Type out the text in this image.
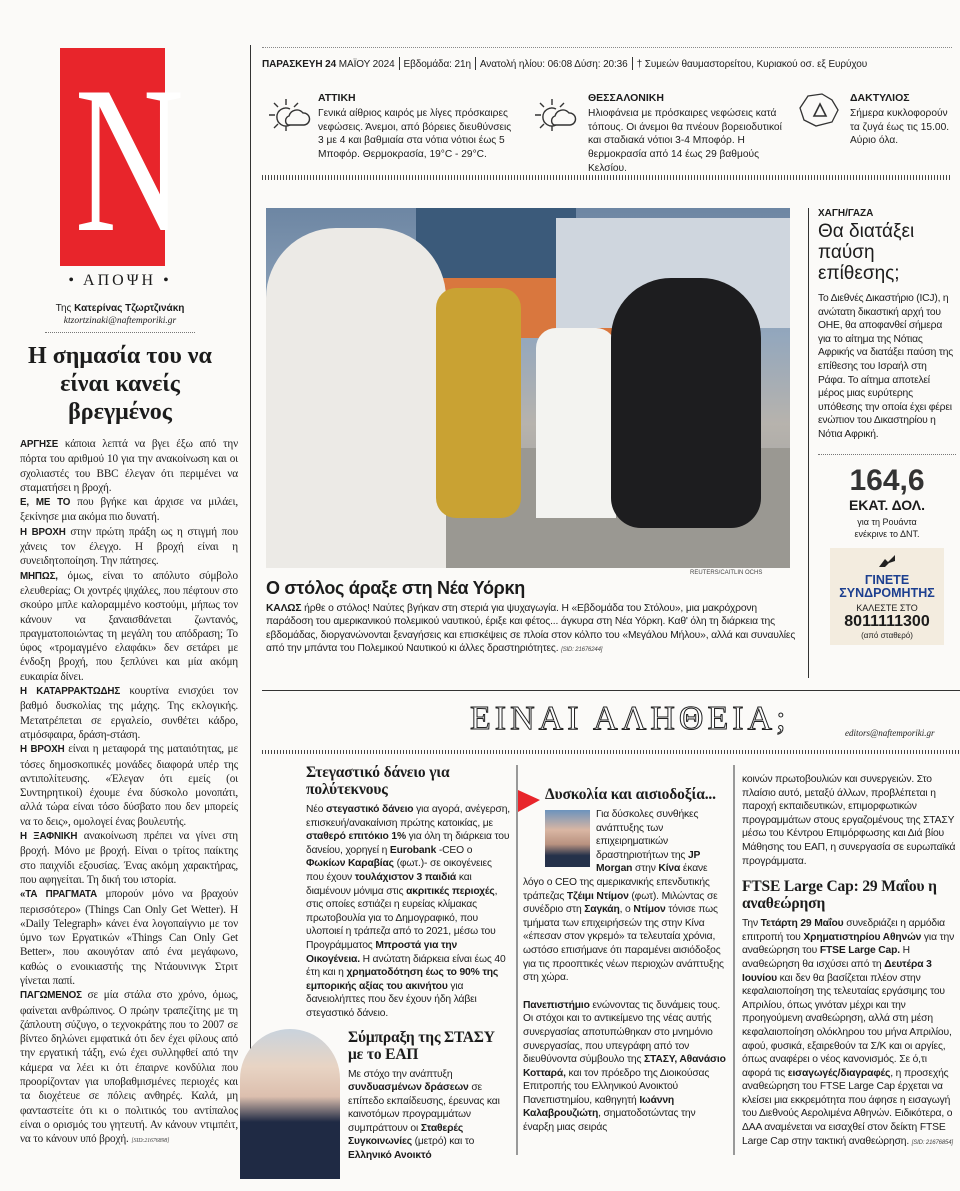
N
• ΑΠΟΨΗ •
Της Κατερίνας Τζωρτζινάκη
ktzortzinaki@naftemporiki.gr
Η σημασία του να είναι κανείς βρεγμένος

ΑΡΓΗΣΕ κάποια λεπτά να βγει έξω από την πόρτα του αριθμού 10 για την ανακοίνωση και οι σχολιαστές του BBC έλεγαν ότι περιμένει να σταματήσει η βροχή.

Ε, ΜΕ ΤΟ που βγήκε και άρχισε να μιλάει, ξεκίνησε μια ακόμα πιο δυνατή.

Η ΒΡΟΧΗ στην πρώτη πράξη ως η στιγμή που χάνεις τον έλεγχο. Η βροχή είναι η συνειδητοποίηση. Την πάτησες.

ΜΗΠΩΣ, όμως, είναι το απόλυτο σύμβολο ελευθερίας; Οι χοντρές ψιχάλες, που πέφτουν στο σκούρο μπλε καλοραμμένο κοστούμι, μήπως τον κάνουν να ξαναισθάνεται ζωντανός, πραγματοποιώντας τη μεγάλη του απόδραση; Το ύφος «τρομαγμένο ελαφάκι» δεν σετάρει με ένδοξη βροχή, που ξεπλύνει και μία ακόμη ευκαιρία δίνει.

Η ΚΑΤΑΡΡΑΚΤΩΔΗΣ κουρτίνα ενισχύει τον βαθμό δυσκολίας της μάχης. Της εκλογικής. Μετατρέπεται σε εργαλείο, συνθέτει κάδρο, ατμόσφαιρα, δράση-στάση.

Η ΒΡΟΧΗ είναι η μεταφορά της ματαιότητας, με τόσες δημοσκοπικές μονάδες διαφορά υπέρ της αντιπολίτευσης. «Έλεγαν ότι εμείς (οι Συντηρητικοί) έχουμε ένα δύσκολο μονοπάτι, αλλά τώρα είναι τόσο δύσβατο που δεν μπορείς να το δεις», ομολογεί ένας βουλευτής.

Η ΞΑΦΝΙΚΗ ανακοίνωση πρέπει να γίνει στη βροχή. Μόνο με βροχή. Είναι ο τρίτος παίκτης στο παιχνίδι εξουσίας. Ένας ακόμη χαρακτήρας, που αφηγείται. Τη δική του ιστορία.

«ΤΑ ΠΡΑΓΜΑΤΑ μπορούν μόνο να βραχούν περισσότερο» (Things Can Only Get Wetter). Η «Daily Telegraph» κάνει ένα λογοπαίγνιο με τον ύμνο των Εργατικών «Things Can Only Get Better», που ακουγόταν από ένα μεγάφωνο, καθώς ο ενοικιαστής της Ντάουνινγκ Στριτ γίνεται παπί.

ΠΑΓΩΜΕΝΟΣ σε μία στάλα στο χρόνο, όμως, φαίνεται ανθρώπινος. Ο πρώην τραπεζίτης με τη ζάπλουτη σύζυγο, ο τεχνοκράτης που το 2007 σε βίντεο δηλώνει εμφατικά ότι δεν έχει φίλους από την εργατική τάξη, ενώ έχει συλληφθεί από την κάμερα να λέει κι ότι έπαιρνε κονδύλια που προορίζονταν για υποβαθμισμένες περιοχές και τα διοχέτευε σε πόλεις ανθηρές. Καλά, μη φανταστείτε ότι κι ο πολιτικός του αντίπαλος είναι ο ορισμός του γητευτή. Αν κάνουν ντιμπέιτ, να το κάνουν υπό βροχή. [SID:21676898]

ΠΑΡΑΣΚΕΥΗ 24 ΜΑΪΟΥ 2024 Εβδομάδα: 21η Ανατολή ηλίου: 06:08 Δύση: 20:36 † Συμεών θαυμαστορείτου, Κυριακού οσ. εξ Ευρύχου
ΑΤΤΙΚΗ
Γενικά αίθριος καιρός με λίγες πρόσκαιρες νεφώσεις. Άνεμοι, από βόρειες διευθύνσεις 3 με 4 και βαθμιαία στα νότια νότιοι έως 5 Μποφόρ. Θερμοκρασία, 19°C - 29°C.
ΘΕΣΣΑΛΟΝΙΚΗ
Ηλιοφάνεια με πρόσκαιρες νεφώσεις κατά τόπους. Οι άνεμοι θα πνέουν βορειοδυτικοί και σταδιακά νότιοι 3-4 Μποφόρ. Η θερμοκρασία από 14 έως 29 βαθμούς Κελσίου.
ΔΑΚΤΥΛΙΟΣ
Σήμερα κυκλοφορούν τα ζυγά έως τις 15.00. Αύριο όλα.
REUTERS/CAITLIN OCHS
Ο στόλος άραξε στη Νέα Υόρκη
ΚΑΛΩΣ ήρθε ο στόλος! Ναύτες βγήκαν στη στεριά για ψυχαγωγία. Η «Εβδομάδα του Στόλου», μια μακρόχρονη παράδοση του αμερικανικού πολεμικού ναυτικού, έριξε και φέτος... άγκυρα στη Νέα Υόρκη. Καθ' όλη τη διάρκεια της εβδομάδας, διοργανώνονται ξεναγήσεις και επισκέψεις σε πλοία στον κόλπο του «Μεγάλου Μήλου», αλλά και συναυλίες από την μπάντα του Πολεμικού Ναυτικού κι άλλες δραστηριότητες. [SID: 21676244]
ΧΑΓΗ/ΓΑΖΑ
Θα διατάξει παύση επίθεσης;
Το Διεθνές Δικαστήριο (ICJ), η ανώτατη δικαστική αρχή του ΟΗΕ, θα αποφανθεί σήμερα για το αίτημα της Νότιας Αφρικής να διατάξει παύση της επίθεσης του Ισραήλ στη Ράφα. Το αίτημα αποτελεί μέρος μιας ευρύτερης υπόθεσης την οποία έχει φέρει ενώπιον του Δικαστηρίου η Νότια Αφρική.
164,6
ΕΚΑΤ. ΔΟΛ.
για τη Ρουάντα ενέκρινε το ΔΝΤ.
ΓΙΝΕΤΕ ΣΥΝΔΡΟΜΗΤΗΣ
ΚΑΛΕΣΤΕ ΣΤΟ
8011111300
(από σταθερό)
ΕΙΝΑΙ ΑΛΗΘΕΙΑ;	editors@naftemporiki.gr
Στεγαστικό δάνειο για πολύτεκνους
Νέο στεγαστικό δάνειο για αγορά, ανέγερση, επισκευή/ανακαίνιση πρώτης κατοικίας, με σταθερό επιτόκιο 1% για όλη τη διάρκεια του δανείου, χορηγεί η Eurobank -CEO ο Φωκίων Καραβίας (φωτ.)- σε οικογένειες που έχουν τουλάχιστον 3 παιδιά και διαμένουν μόνιμα στις ακριτικές περιοχές, στις οποίες εστιάζει η ευρείας κλίμακας πρωτοβουλία για το Δημογραφικό, που υλοποιεί η τράπεζα από το 2021, μέσω του Προγράμματος Μπροστά για την Οικογένεια. Η ανώτατη διάρκεια είναι έως 40 έτη και η χρηματοδότηση έως το 90% της εμπορικής αξίας του ακινήτου για δανειολήπτες που δεν έχουν ήδη λάβει στεγαστικό δάνειο.
Σύμπραξη της ΣΤΑΣΥ με το ΕΑΠ
Με στόχο την ανάπτυξη συνδυασμένων δράσεων σε επίπεδο εκπαίδευσης, έρευνας και καινοτόμων προγραμμάτων συμπράττουν οι Σταθερές Συγκοινωνίες (μετρό) και το Ελληνικό Ανοικτό
Δυσκολία και αισιοδοξία...
Για δύσκολες συνθήκες ανάπτυξης των επιχειρηματικών δραστηριοτήτων της JP Morgan στην Κίνα έκανε λόγο ο CEO της αμερικανικής επενδυτικής τράπεζας Τζέιμι Ντίμον (φωτ). Μιλώντας σε συνέδριο στη Σαγκάη, ο Ντίμον τόνισε πως τμήματα των επιχειρήσεών της στην Κίνα «έπεσαν στον γκρεμό» τα τελευταία χρόνια, ωστόσο επισήμανε ότι παραμένει αισιόδοξος για τις προοπτικές νέων περιοχών ανάπτυξης στη χώρα.
Πανεπιστήμιο ενώνοντας τις δυνάμεις τους. Οι στόχοι και το αντικείμενο της νέας αυτής συνεργασίας αποτυπώθηκαν στο μνημόνιο συνεργασίας, που υπεγράφη από τον διευθύνοντα σύμβουλο της ΣΤΑΣΥ, Αθανάσιο Κοτταρά, και τον πρόεδρο της Διοικούσας Επιτροπής του Ελληνικού Ανοικτού Πανεπιστημίου, καθηγητή Ιωάννη Καλαβρουζιώτη, σηματοδοτώντας την έναρξη μιας σειράς
κοινών πρωτοβουλιών και συνεργειών. Στο πλαίσιο αυτό, μεταξύ άλλων, προβλέπεται η παροχή εκπαιδευτικών, επιμορφωτικών προγραμμάτων στους εργαζομένους της ΣΤΑΣΥ μέσω του Κέντρου Επιμόρφωσης και Διά βίου Μάθησης του ΕΑΠ, η συνεργασία σε ευρωπαϊκά προγράμματα.
FTSE Large Cap: 29 Μαΐου η αναθεώρηση
Την Τετάρτη 29 Μαΐου συνεδριάζει η αρμόδια επιτροπή του Χρηματιστηρίου Αθηνών για την αναθεώρηση του FTSE Large Cap. Η αναθεώρηση θα ισχύσει από τη Δευτέρα 3 Ιουνίου και δεν θα βασίζεται πλέον στην κεφαλαιοποίηση της τελευταίας εργάσιμης του Απριλίου, όπως γινόταν μέχρι και την προηγούμενη αναθεώρηση, αλλά στη μέση κεφαλαιοποίηση ολόκληρου του μήνα Απριλίου, αφού, φυσικά, εξαιρεθούν τα Σ/Κ και οι αργίες, όπως αναφέρει ο νέος κανονισμός. Σε ό,τι αφορά τις εισαγωγές/διαγραφές, η προσεχής αναθεώρηση του FTSE Large Cap έρχεται να κλείσει μια εκκρεμότητα που άφησε η εισαγωγή του Διεθνούς Αερολιμένα Αθηνών. Ειδικότερα, ο ΔΑΑ αναμένεται να εισαχθεί στον δείκτη FTSE Large Cap στην τακτική αναθεώρηση. [SID: 21676854]
